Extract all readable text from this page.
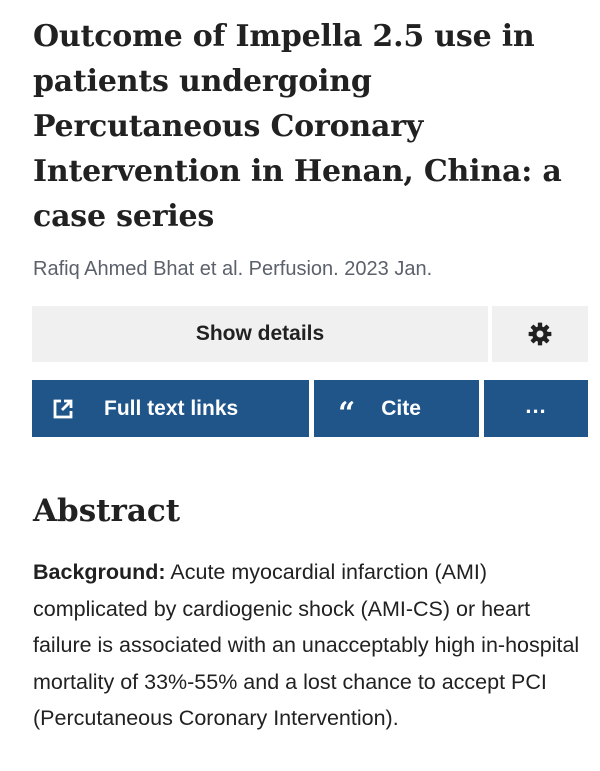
Outcome of Impella 2.5 use in patients undergoing Percutaneous Coronary Intervention in Henan, China: a case series

Rafiq Ahmed Bhat et al. Perfusion. 2023 Jan.

Show details
Full text links	“ Cite	...
Abstract

Background: Acute myocardial infarction (AMI) complicated by cardiogenic shock (AMI-CS) or heart failure is associated with an unacceptably high in-hospital mortality of 33%-55% and a lost chance to accept PCI (Percutaneous Coronary Intervention).
